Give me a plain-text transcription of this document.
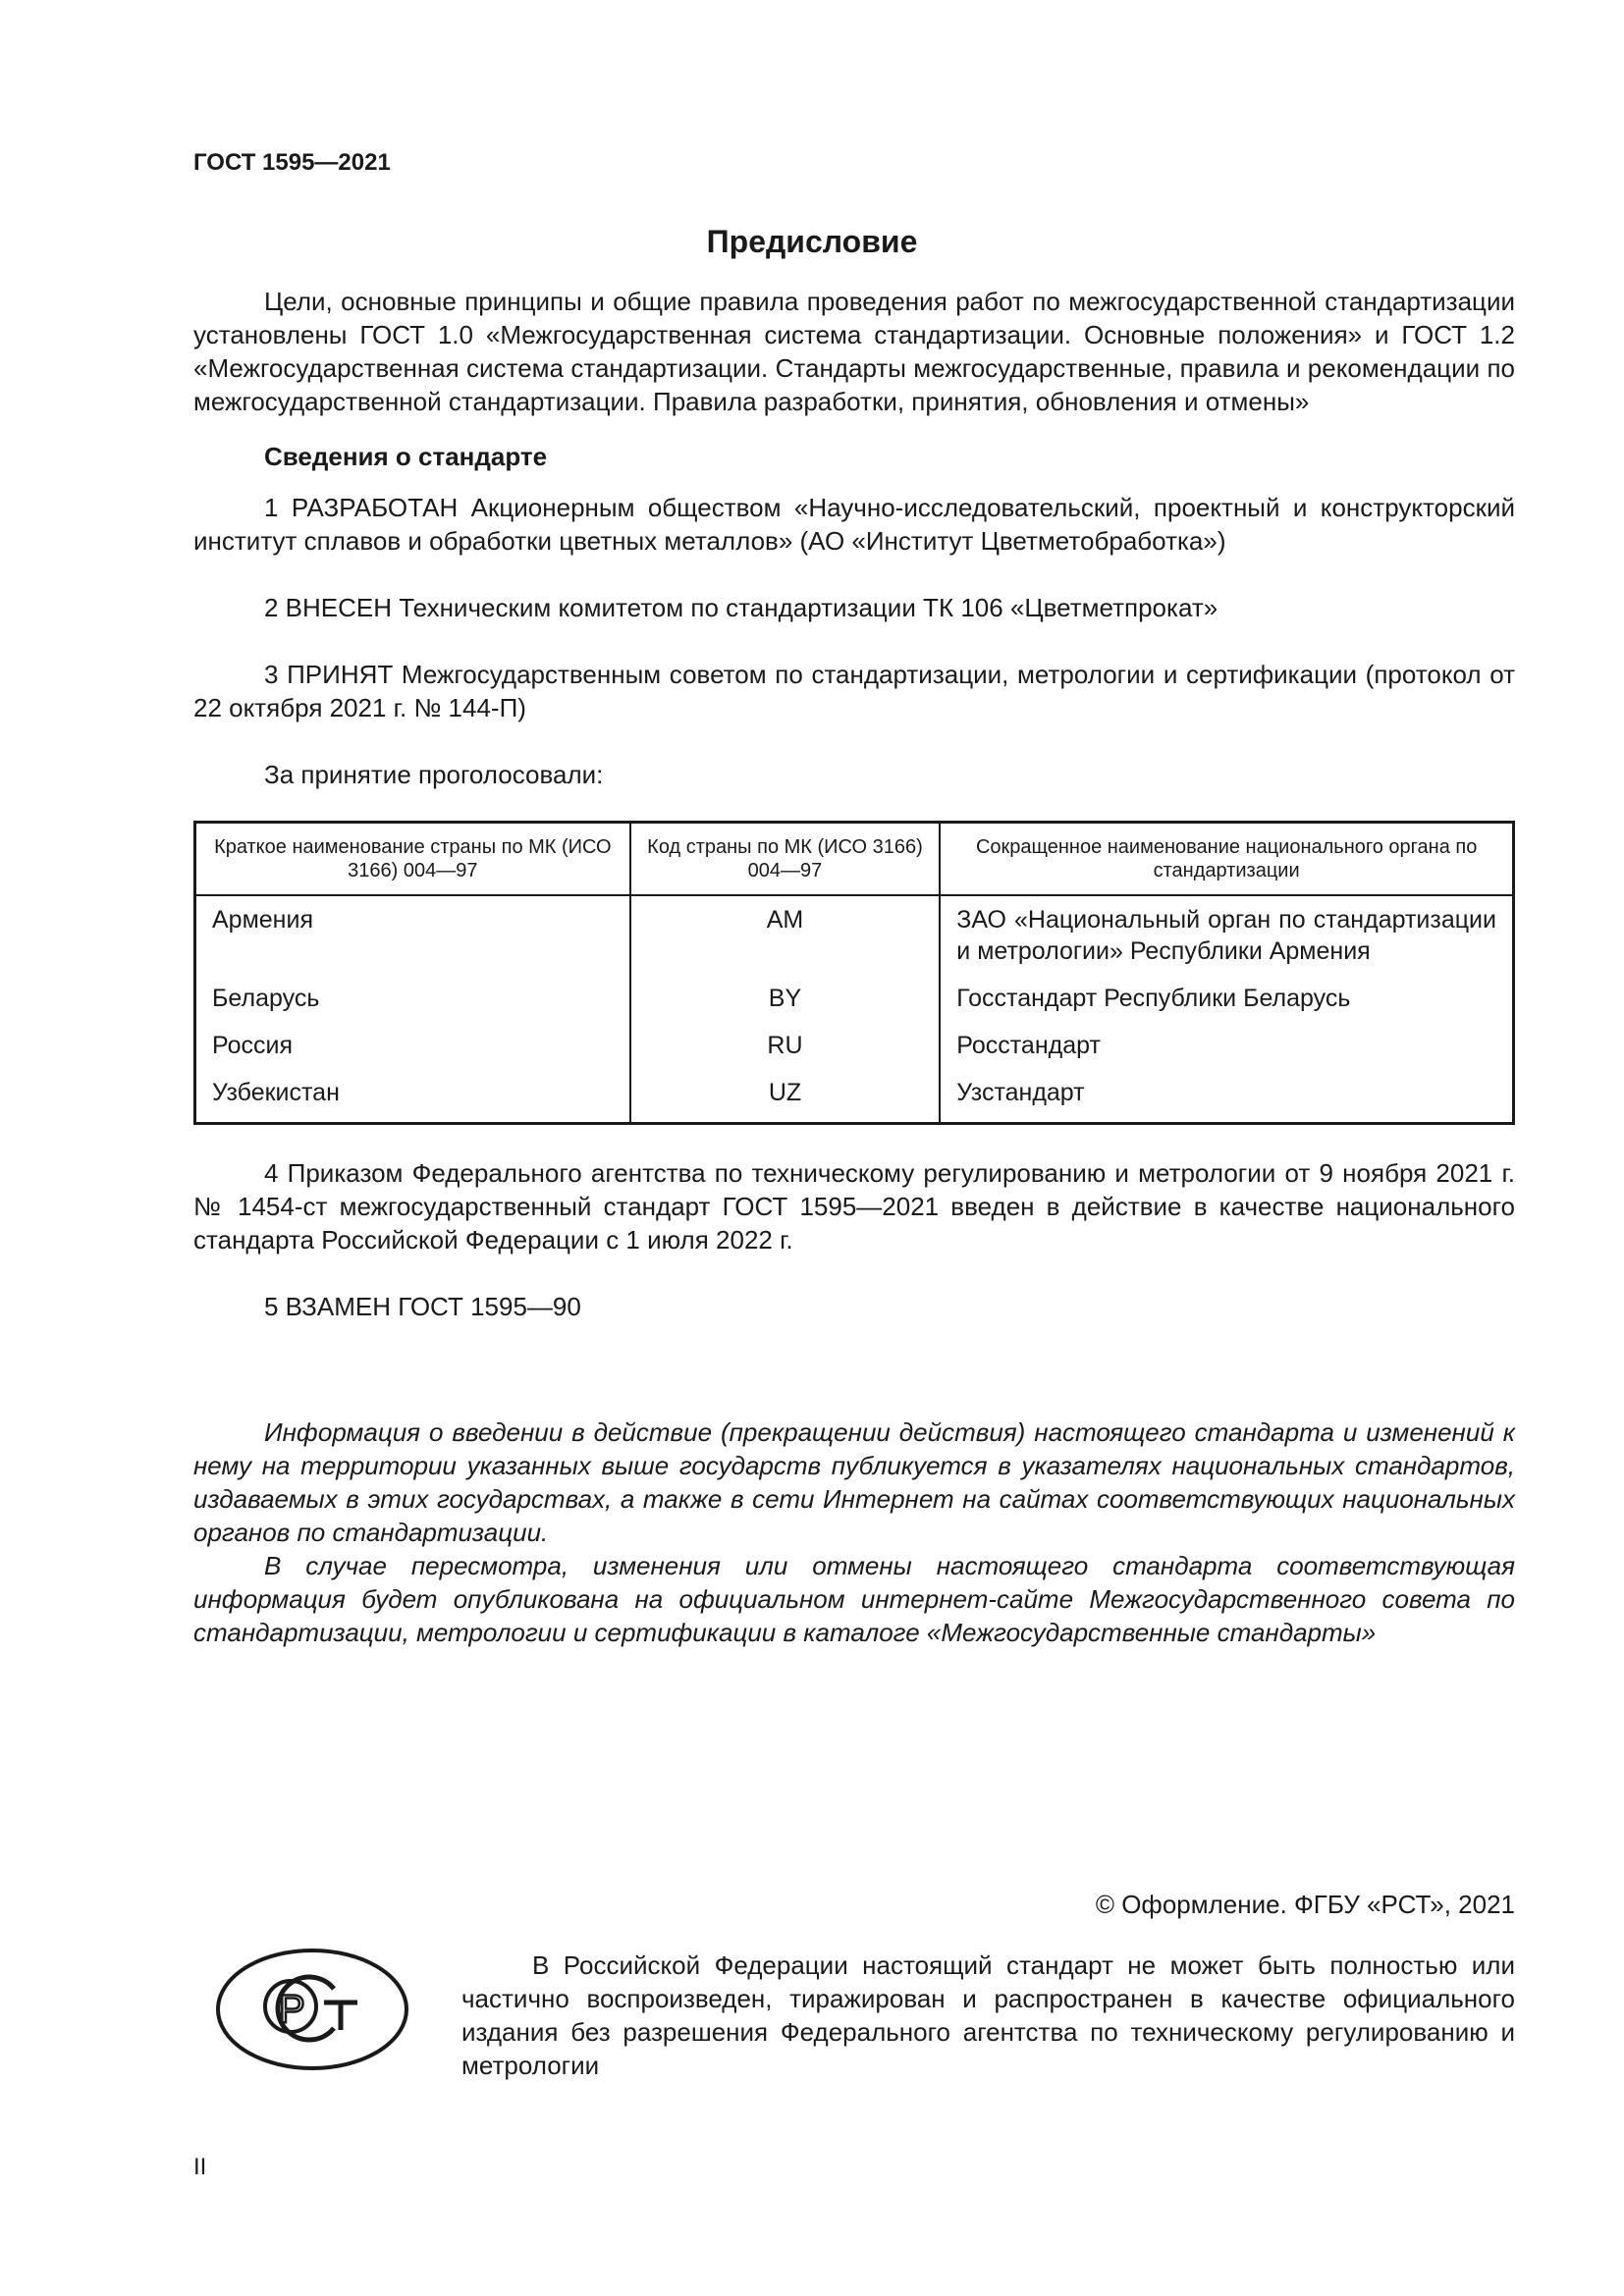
ГОСТ 1595—2021
Предисловие

Цели, основные принципы и общие правила проведения работ по межгосударственной стандартизации установлены ГОСТ 1.0 «Межгосударственная система стандартизации. Основные положения» и ГОСТ 1.2 «Межгосударственная система стандартизации. Стандарты межгосударственные, правила и рекомендации по межгосударственной стандартизации. Правила разработки, принятия, обновления и отмены»

Сведения о стандарте

1 РАЗРАБОТАН Акционерным обществом «Научно-исследовательский, проектный и конструкторский институт сплавов и обработки цветных металлов» (АО «Институт Цветметобработка»)

2 ВНЕСЕН Техническим комитетом по стандартизации ТК 106 «Цветметпрокат»

3 ПРИНЯТ Межгосударственным советом по стандартизации, метрологии и сертификации (протокол от 22 октября 2021 г. № 144-П)

За принятие проголосовали:

Краткое наименование страны по МК (ИСО 3166) 004—97	Код страны по МК (ИСО 3166) 004—97	Сокращенное наименование национального органа по стандартизации
Армения	AM	ЗАО «Национальный орган по стандартизации и метрологии» Республики Армения
Беларусь	BY	Госстандарт Республики Беларусь
Россия	RU	Росстандарт
Узбекистан	UZ	Узстандарт

4 Приказом Федерального агентства по техническому регулированию и метрологии от 9 ноября 2021 г. № 1454-ст межгосударственный стандарт ГОСТ 1595—2021 введен в действие в качестве национального стандарта Российской Федерации с 1 июля 2022 г.

5 ВЗАМЕН ГОСТ 1595—90

Информация о введении в действие (прекращении действия) настоящего стандарта и изменений к нему на территории указанных выше государств публикуется в указателях национальных стандартов, издаваемых в этих государствах, а также в сети Интернет на сайтах соответствующих национальных органов по стандартизации.

В случае пересмотра, изменения или отмены настоящего стандарта соответствующая информация будет опубликована на официальном интернет-сайте Межгосударственного совета по стандартизации, метрологии и сертификации в каталоге «Межгосударственные стандарты»

© Оформление. ФГБУ «РСТ», 2021
Р

В Российской Федерации настоящий стандарт не может быть полностью или частично воспроизведен, тиражирован и распространен в качестве официального издания без разрешения Федерального агентства по техническому регулированию и метрологии

II
